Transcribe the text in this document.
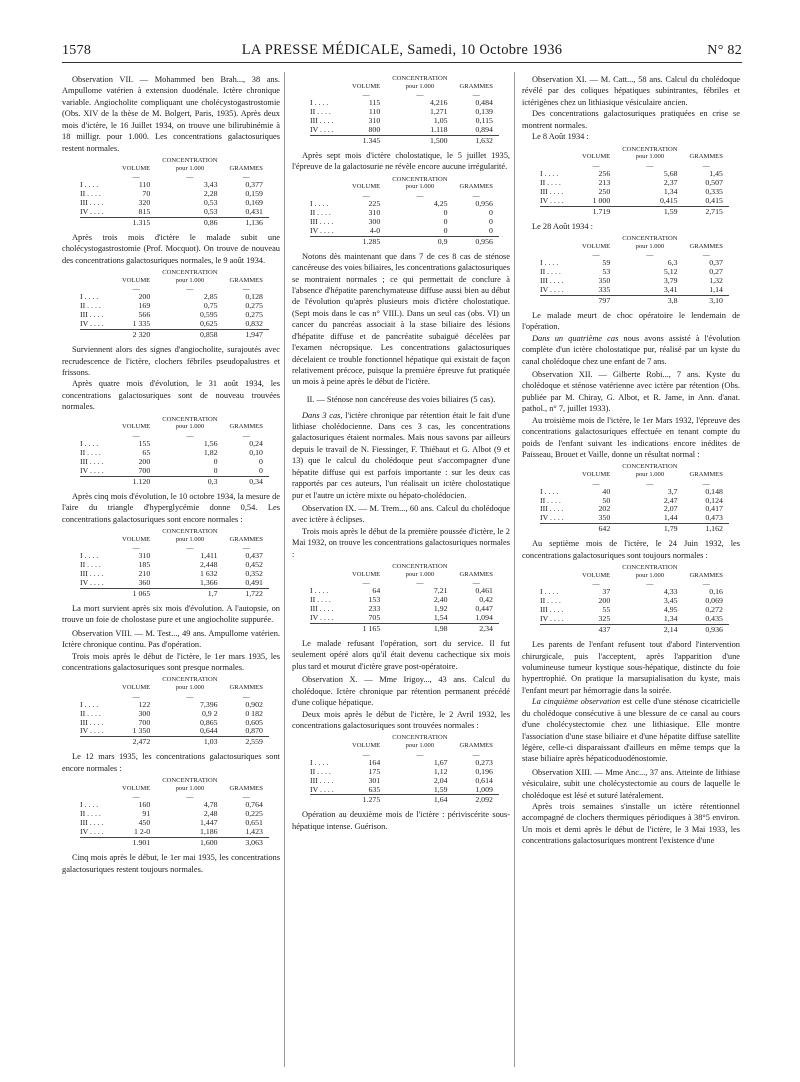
1578	LA PRESSE MÉDICALE, Samedi, 10 Octobre 1936	N° 82

Observation VII. — Mohammed ben Brah..., 38 ans. Ampullome vatérien à extension duodénale. Ictère chronique variable. Angiocholite compliquant une cholécystogastrostomie (Obs. XIV de la thèse de M. Bolgert, Paris, 1935). Après deux mois d'ictère, le 16 Juillet 1934, on trouve une bilirubinémie à 18 milligr. pour 1.000. Les concentrations galactosuriques restent normales.

	VOLUME	CONCENTRATION
pour 1.000	GRAMMES
	—	—	—
I . . . .	110	3,43	0,377
II . . . .	70	2,28	0,159
III . . . .	320	0,53	0,169
IV . . . .	815	0,53	0,431
	1.315	0,86	1,136

Après trois mois d'ictère le malade subit une cholécystogastrostomie (Prof. Mocquot). On trouve de nouveau des concentrations galactosuriques normales, le 9 août 1934.

	VOLUME	CONCENTRATION
pour 1.000	GRAMMES
	—	—	—
I . . . .	200	2,85	0,128
II . . . .	169	0,75	0,275
III . . . .	566	0,595	0,275
IV . . . .	1 335	0,625	0,832
	2 320	0,858	1,947

Surviennent alors des signes d'angiocholite, surajoutés avec recrudescence de l'ictère, clochers fébriles pseudopalustres et frissons.

Après quatre mois d'évolution, le 31 août 1934, les concentrations galactosuriques sont de nouveau trouvées normales.

	VOLUME	CONCENTRATION
pour 1.000	GRAMMES
	—	—	—
I . . . .	155	1,56	0,24
II . . . .	65	1,82	0,10
III . . . .	200	0	0
IV . . . .	700	0	0
	1.120	0,3	0,34

Après cinq mois d'évolution, le 10 octobre 1934, la mesure de l'aire du triangle d'hyperglycémie donne 0,54. Les concentrations galactosuriques sont encore normales :

	VOLUME	CONCENTRATION
pour 1.000	GRAMMES
	—	—	—
I . . . .	310	1,411	0,437
II . . . .	185	2,448	0,452
III . . . .	210	1 632	0,352
IV . . . .	360	1,366	0,491
	1 065	1,7	1,722

La mort survient après six mois d'évolution. A l'autopsie, on trouve un foie de cholostase pure et une angiocholite suppurée.

Observation VIII. — M. Test..., 49 ans. Ampullome vatérien. Ictère chronique continu. Pas d'opération.

Trois mois après le début de l'ictère, le 1er mars 1935, les concentrations galactosuriques sont presque normales.

	VOLUME	CONCENTRATION
pour 1.000	GRAMMES
	—	—	—
I . . . .	122	7,396	0,902
II . . . .	300	0,9 2	0 182
III . . . .	700	0,865	0,605
IV . . . .	1 350	0,644	0,870
	2,472	1,03	2,559

Le 12 mars 1935, les concentrations galactosuriques sont encore normales :

	VOLUME	CONCENTRATION
pour 1.000	GRAMMES
	—	—	—
I . . . .	160	4,78	0,764
II . . . .	91	2,48	0,225
III . . . .	450	1,447	0,651
IV . . . .	1 2-0	1,186	1,423
	1.901	1,600	3,063

Cinq mois après le début, le 1er mai 1935, les concentrations galactosuriques restent toujours normales.

	VOLUME	CONCENTRATION
pour 1.000	GRAMMES
	—	—	—
I . . . .	115	4,216	0,484
II . . . .	110	1,271	0,139
III . . . .	310	1,05	0,115
IV . . . .	800	1.118	0,894
	1.345	1,500	1,632

Après sept mois d'ictère cholostatique, le 5 juillet 1935, l'épreuve de la galactosurie ne révèle encore aucune irrégularité.

	VOLUME	CONCENTRATION
pour 1.000	GRAMMES
	—	—	—
I . . . .	225	4,25	0,956
II . . . .	310	0	0
III . . . .	300	0	0
IV . . . .	4-0	0	0
	1.285	0,9	0,956

Notons dès maintenant que dans 7 de ces 8 cas de sténose cancéreuse des voies biliaires, les concentrations galactosuriques se montraient normales ; ce qui permettait de conclure à l'absence d'hépatite parenchymateuse diffuse aussi bien au début de l'évolution qu'après plusieurs mois d'ictère cholostatique. (Sept mois dans le cas n° VIII.). Dans un seul cas (obs. VI) un cancer du pancréas associait à la stase biliaire des lésions d'hépatite diffuse et de pancréatite subaiguë décelées par l'examen nécropsique. Les concentrations galactosuriques décelaient ce trouble fonctionnel hépatique qui existait de façon relativement précoce, puisque la première épreuve fut pratiquée un mois à peine après le début de l'ictère.

II. — Sténose non cancéreuse des voies biliaires (5 cas).

Dans 3 cas, l'ictère chronique par rétention était le fait d'une lithiase cholédocienne. Dans ces 3 cas, les concentrations galactosuriques étaient normales. Mais nous savons par ailleurs depuis le travail de N. Fiessinger, F. Thiébaut et G. Albot (9 et 13) que le calcul du cholédoque peut s'accompagner d'une hépatite diffuse qui est parfois importante : sur les deux cas rapportés par ces auteurs, l'un réalisait un ictère cholostatique pur et l'autre un ictère mixte ou hépato-cholédocien.

Observation IX. — M. Trem..., 60 ans. Calcul du cholédoque avec ictère à éclipses.

Trois mois après le début de la première poussée d'ictère, le 2 Mai 1932, on trouve les concentrations galactosuriques normales :

	VOLUME	CONCENTRATION
pour 1.000	GRAMMES
	—	—	—
I . . . .	64	7,21	0,461
II . . . .	153	2,40	0,42
III . . . .	233	1,92	0,447
IV . . . .	705	1,54	1,094
	1 165	1,98	2,34

Le malade refusant l'opération, sort du service. Il fut seulement opéré alors qu'il était devenu cachectique six mois plus tard et mourut d'ictère grave post-opératoire.

Observation X. — Mme Irigoy..., 43 ans. Calcul du cholédoque. Ictère chronique par rétention permanent précédé d'une colique hépatique.

Deux mois après le début de l'ictère, le 2 Avril 1932, les concentrations galactosuriques sont trouvées normales :

	VOLUME	CONCENTRATION
pour 1.000	GRAMMES
	—	—	—
I . . . .	164	1,67	0,273
II . . . .	175	1,12	0,196
III . . . .	301	2,04	0,614
IV . . . .	635	1,59	1,009
	1.275	1,64	2,092

Opération au deuxième mois de l'ictère : périviscérite sous-hépatique intense. Guérison.

Observation XI. — M. Catt..., 58 ans. Calcul du cholédoque révélé par des coliques hépatiques subintrantes, fébriles et ictérigènes chez un lithiasique vésiculaire ancien.

Des concentrations galactosuriques pratiquées en crise se montrent normales.

Le 8 Août 1934 :

	VOLUME	CONCENTRATION
pour 1.000	GRAMMES
	—	—	—
I . . . .	256	5,68	1,45
II . . . .	213	2,37	0,507
III . . . .	250	1,34	0,335
IV . . . .	1 000	0,415	0,415
	1.719	1,59	2,715

Le 28 Août 1934 :

	VOLUME	CONCENTRATION
pour 1.000	GRAMMES
	—	—	—
I . . . .	59	6,3	0,37
II . . . .	53	5,12	0,27
III . . . .	350	3,79	1,32
IV . . . .	335	3,41	1,14
	797	3,8	3,10

Le malade meurt de choc opératoire le lendemain de l'opération.

Dans un quatrième cas nous avons assisté à l'évolution complète d'un ictère cholostatique pur, réalisé par un kyste du canal cholédoque chez une enfant de 7 ans.

Observation XII. — Gilberte Robi..., 7 ans. Kyste du cholédoque et sténose vatérienne avec ictère par rétention (Obs. publiée par M. Chiray, G. Albot, et R. Jame, in Ann. d'anat. pathol., n° 7, juillet 1933).

Au troisième mois de l'ictère, le 1er Mars 1932, l'épreuve des concentrations galactosuriques effectuée en tenant compte du poids de l'enfant suivant les indications encore inédites de Paisseau, Brouet et Vaille, donne un résultat normal :

	VOLUME	CONCENTRATION
pour 1.000	GRAMMES
	—	—	—
I . . . .	40	3,7	0,148
II . . . .	50	2,47	0,124
III . . . .	202	2,07	0,417
IV . . . .	350	1,44	0,473
	642	1,79	1,162

Au septième mois de l'ictère, le 24 Juin 1932, les concentrations galactosuriques sont toujours normales :

	VOLUME	CONCENTRATION
pour 1.000	GRAMMES
	—	—	—
I . . . .	37	4,33	0,16
II . . . .	200	3,45	0,069
III . . . .	55	4,95	0,272
IV . . . .	325	1,34	0,435
	437	2,14	0,936

Les parents de l'enfant refusent tout d'abord l'intervention chirurgicale, puis l'acceptent, après l'apparition d'une volumineuse tumeur kystique sous-hépatique, distincte du foie hypertrophié. On pratique la marsupialisation du kyste, mais l'enfant meurt par hémorragie dans la soirée.

La cinquième observation est celle d'une sténose cicatricielle du cholédoque consécutive à une blessure de ce canal au cours d'une cholécystectomie chez une lithiasique. Elle montre l'association d'une stase biliaire et d'une hépatite diffuse satellite légère, celle-ci disparaissant d'ailleurs en même temps que la stase biliaire après hépaticoduodénostomie.

Observation XIII. — Mme Anc..., 37 ans. Atteinte de lithiase vésiculaire, subit une cholécystectomie au cours de laquelle le cholédoque est lésé et suturé latéralement.

Après trois semaines s'installe un ictère rétentionnel accompagné de clochers thermiques périodiques à 38°5 environ. Un mois et demi après le début de l'ictère, le 3 Mai 1933, les concentrations galactosuriques montrent l'existence d'une
